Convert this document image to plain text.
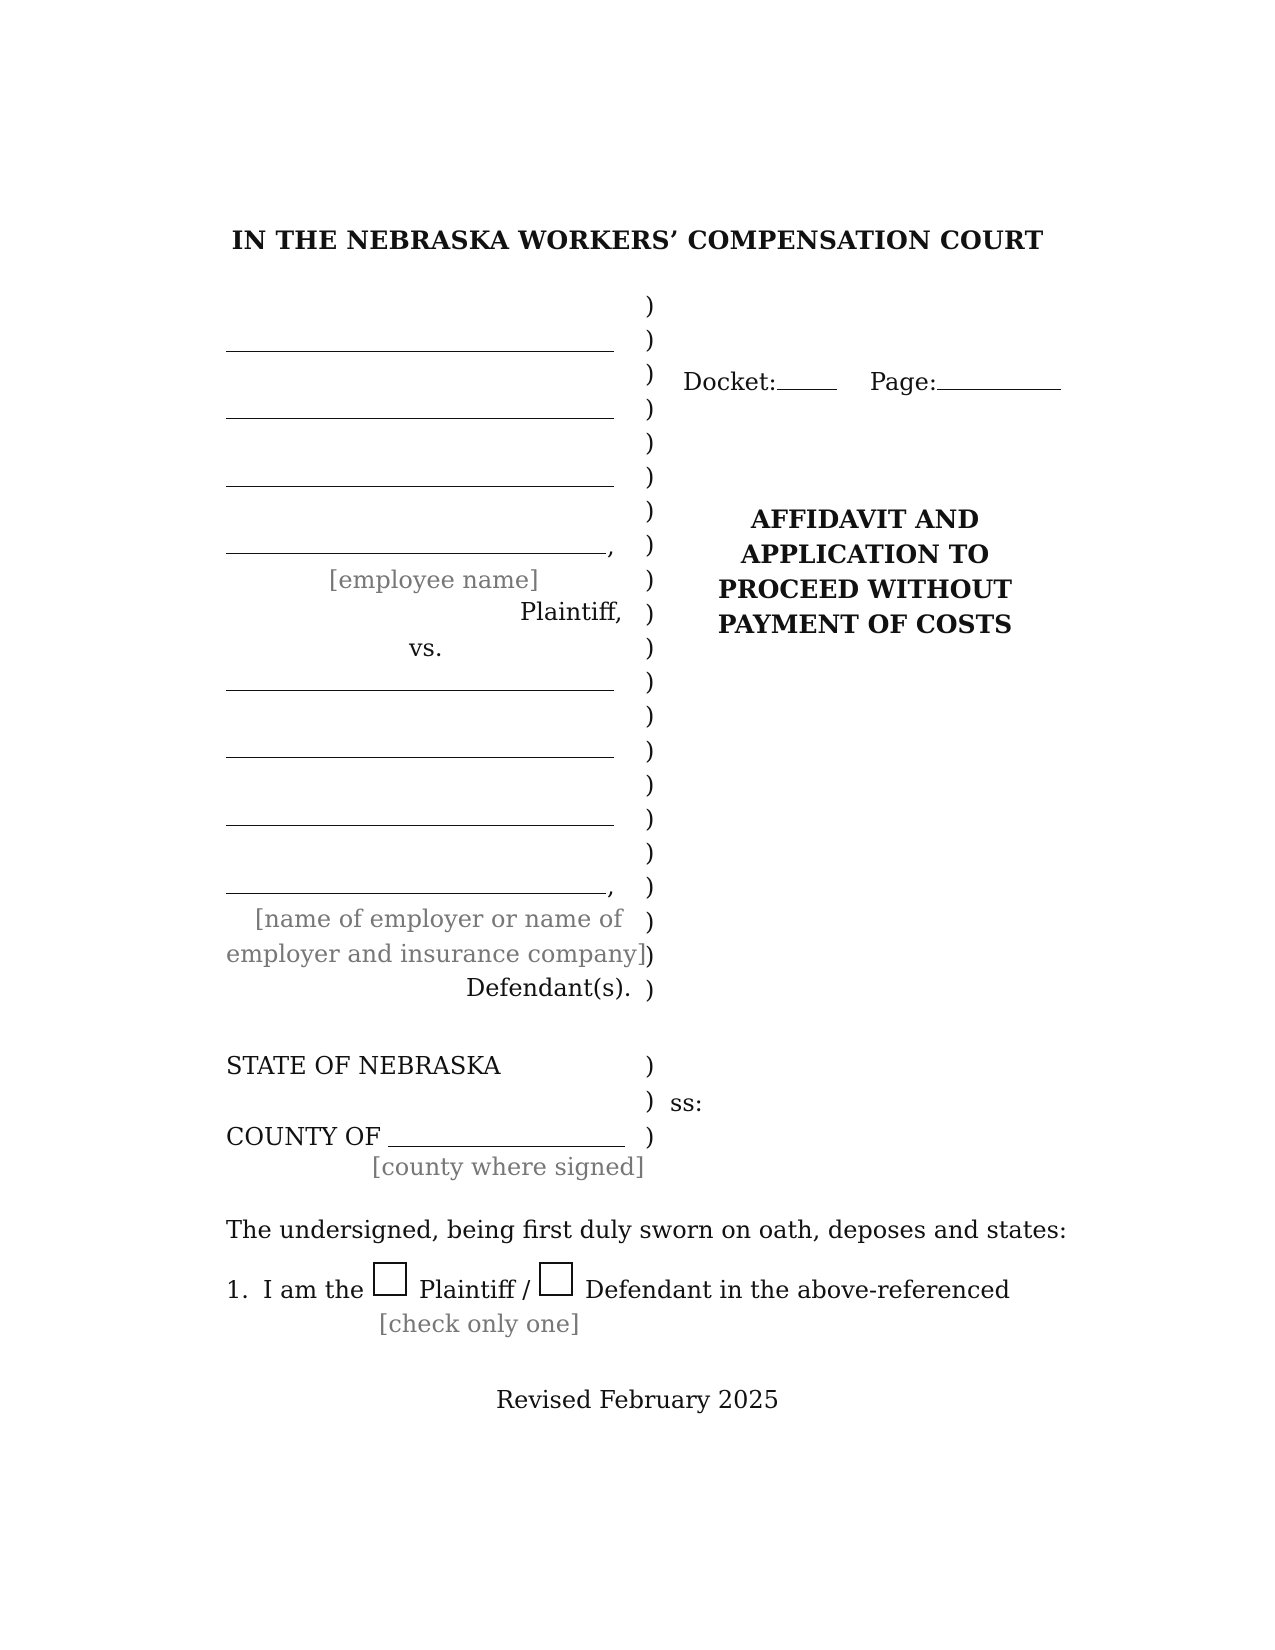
IN THE NEBRASKA WORKERS’ COMPENSATION COURT
,
[employee name]
Plaintiff,
vs.
,
[name of employer or name of
employer and insurance company]
Defendant(s).
)
)
)
)
)
)
)
)
)
)
)
)
)
)
)
)
)
)
)
)
)
Docket:	Page:
AFFIDAVIT AND
APPLICATION TO
PROCEED WITHOUT
PAYMENT OF COSTS
STATE OF NEBRASKA	)
) ss:
COUNTY OF	)
[county where signed]
The undersigned, being first duly sworn on oath, deposes and states:
1. I am the Plaintiff / Defendant in the above-referenced
[check only one]
Revised February 2025
